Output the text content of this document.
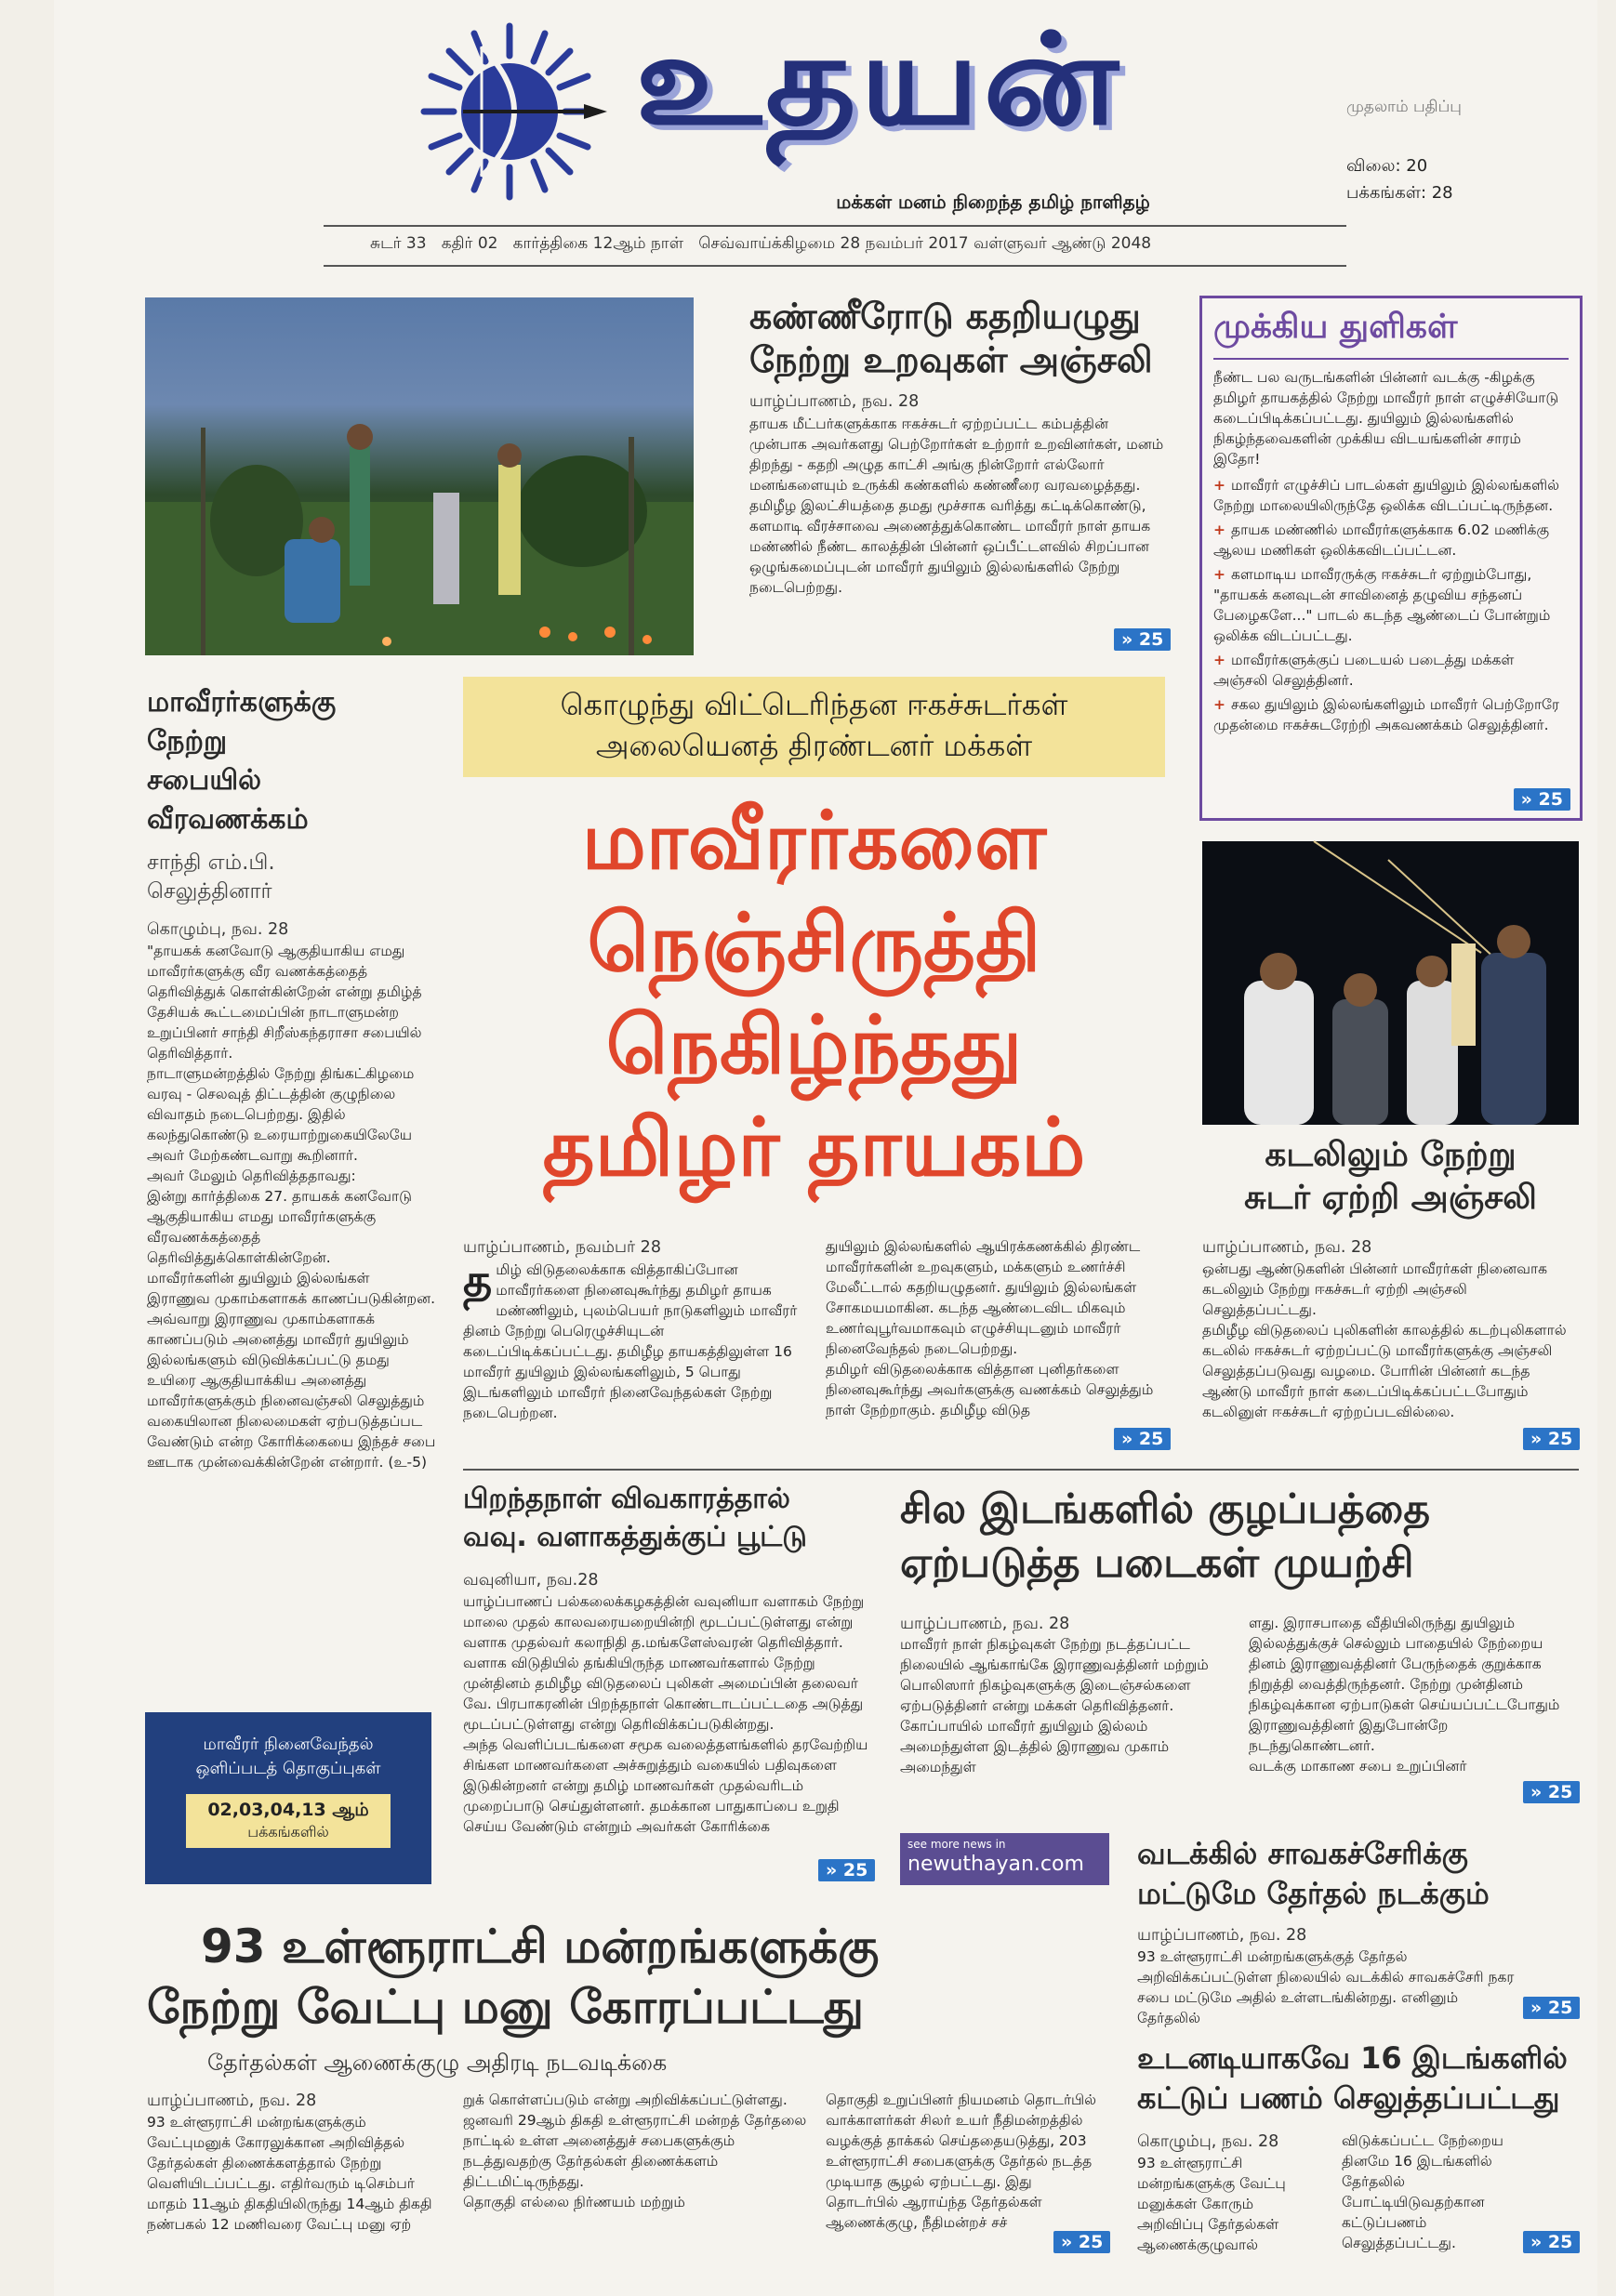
உதயன்
மக்கள் மனம் நிறைந்த தமிழ் நாளிதழ்
முதலாம் பதிப்பு
விலை: 20
பக்கங்கள்: 28
சுடர் 33   கதிர் 02   கார்த்திகை 12ஆம் நாள்   செவ்வாய்க்கிழமை 28 நவம்பர் 2017 வள்ளுவர் ஆண்டு 2048
கண்ணீரோடு கதறியழுது
நேற்று உறவுகள் அஞ்சலி
யாழ்ப்பாணம், நவ. 28
தாயக மீட்பர்களுக்காக ஈகச்சுடர் ஏற்றப்பட்ட கம்பத்தின் முன்பாக அவர்களது பெற்றோர்கள் உற்றார் உறவினர்கள், மனம் திறந்து - கதறி அழுத காட்சி அங்கு நின்றோர் எல்லோர் மனங்களையும் உருக்கி கண்களில் கண்ணீரை வரவழைத்தது.
தமிழீழ இலட்சியத்தை தமது மூச்சாக வரித்து கட்டிக்கொண்டு, களமாடி வீரச்சாவை அணைத்துக்கொண்ட மாவீரர் நாள் தாயக மண்ணில் நீண்ட காலத்தின் பின்னர் ஒப்பீட்டளவில் சிறப்பான ஒழுங்கமைப்புடன் மாவீரர் துயிலும் இல்லங்களில் நேற்று நடைபெற்றது.
» 25
முக்கிய துளிகள்
நீண்ட பல வருடங்களின் பின்னர் வடக்கு -கிழக்கு தமிழர் தாயகத்தில் நேற்று மாவீரர் நாள் எழுச்சியோடு கடைப்பிடிக்கப்பட்டது. துயிலும் இல்லங்களில் நிகழ்ந்தவைகளின் முக்கிய விடயங்களின் சாரம் இதோ!
+ மாவீரர் எழுச்சிப் பாடல்கள் துயிலும் இல்லங்களில் நேற்று மாலையிலிருந்தே ஒலிக்க விடப்பட்டிருந்தன.
+ தாயக மண்ணில் மாவீரர்களுக்காக 6.02 மணிக்கு ஆலய மணிகள் ஒலிக்கவிடப்பட்டன.
+ களமாடிய மாவீரருக்கு ஈகச்சுடர் ஏற்றும்போது, "தாயகக் கனவுடன் சாவினைத் தழுவிய சந்தனப் பேழைகளே..." பாடல் கடந்த ஆண்டைப் போன்றும் ஒலிக்க விடப்பட்டது.
+ மாவீரர்களுக்குப் படையல் படைத்து மக்கள் அஞ்சலி செலுத்தினர்.
+ சகல துயிலும் இல்லங்களிலும் மாவீரர் பெற்றோரே முதன்மை ஈகச்சுடரேற்றி அகவணக்கம் செலுத்தினர்.
» 25
மாவீரர்களுக்கு
நேற்று
சபையில்
வீரவணக்கம்
சாந்தி எம்.பி.
செலுத்தினார்
கொழும்பு, நவ. 28
"தாயகக் கனவோடு ஆகுதியாகிய எமது மாவீரர்களுக்கு வீர வணக்கத்தைத் தெரிவித்துக் கொள்கின்றேன் என்று தமிழ்த் தேசியக் கூட்டமைப்பின் நாடாளுமன்ற உறுப்பினர் சாந்தி சிறீஸ்கந்தராசா சபையில் தெரிவித்தார்.
நாடாளுமன்றத்தில் நேற்று திங்கட்கிழமை வரவு - செலவுத் திட்டத்தின் குழுநிலை விவாதம் நடைபெற்றது. இதில் கலந்துகொண்டு உரையாற்றுகையிலேயே அவர் மேற்கண்டவாறு கூறினார்.
அவர் மேலும் தெரிவித்ததாவது:
இன்று கார்த்திகை 27. தாயகக் கனவோடு ஆகுதியாகிய எமது மாவீரர்களுக்கு வீரவணக்கத்தைத் தெரிவித்துக்கொள்கின்றேன்.
மாவீரர்களின் துயிலும் இல்லங்கள் இராணுவ முகாம்களாகக் காணப்படுகின்றன. அவ்வாறு இராணுவ முகாம்களாகக் காணப்படும் அனைத்து மாவீரர் துயிலும் இல்லங்களும் விடுவிக்கப்பட்டு தமது உயிரை ஆகுதியாக்கிய அனைத்து மாவீரர்களுக்கும் நினைவஞ்சலி செலுத்தும் வகையிலான நிலைமைகள் ஏற்படுத்தப்பட வேண்டும் என்ற கோரிக்கையை இந்தச் சபை ஊடாக முன்வைக்கின்றேன் என்றார். (உ-5)
கொழுந்து விட்டெரிந்தன ஈகச்சுடர்கள்
அலையெனத் திரண்டனர் மக்கள்
மாவீரர்களை
நெஞ்சிருத்தி
நெகிழ்ந்தது
தமிழர் தாயகம்
யாழ்ப்பாணம், நவம்பர் 28
த மிழ் விடுதலைக்காக வித்தாகிப்போன மாவீரர்களை நினைவுகூர்ந்து தமிழர் தாயக மண்ணிலும், புலம்பெயர் நாடுகளிலும் மாவீரர் தினம் நேற்று பெரெழுச்சியுடன் கடைப்பிடிக்கப்பட்டது. தமிழீழ தாயகத்திலுள்ள 16 மாவீரர் துயிலும் இல்லங்களிலும், 5 பொது இடங்களிலும் மாவீரர் நினைவேந்தல்கள் நேற்று நடைபெற்றன.
துயிலும் இல்லங்களில் ஆயிரக்கணக்கில் திரண்ட மாவீரர்களின் உறவுகளும், மக்களும் உணர்ச்சி மேலீட்டால் கதறியழுதனர். துயிலும் இல்லங்கள் சோகமயமாகின. கடந்த ஆண்டைவிட மிகவும் உணர்வுபூர்வமாகவும் எழுச்சியுடனும் மாவீரர் நினைவேந்தல் நடைபெற்றது.
தமிழர் விடுதலைக்காக வித்தான புனிதர்களை நினைவுகூர்ந்து அவர்களுக்கு வணக்கம் செலுத்தும் நாள் நேற்றாகும். தமிழீழ விடுத
» 25
கடலிலும் நேற்று
சுடர் ஏற்றி அஞ்சலி
யாழ்ப்பாணம், நவ. 28
ஒன்பது ஆண்டுகளின் பின்னர் மாவீரர்கள் நினைவாக கடலிலும் நேற்று ஈகச்சுடர் ஏற்றி அஞ்சலி செலுத்தப்பட்டது.
தமிழீழ விடுதலைப் புலிகளின் காலத்தில் கடற்புலிகளால் கடலில் ஈகச்சுடர் ஏற்றப்பட்டு மாவீரர்களுக்கு அஞ்சலி செலுத்தப்படுவது வழமை. போரின் பின்னர் கடந்த ஆண்டு மாவீரர் நாள் கடைப்பிடிக்கப்பட்டபோதும் கடலினுள் ஈகச்சுடர் ஏற்றப்படவில்லை.
» 25
பிறந்தநாள் விவகாரத்தால்
வவு. வளாகத்துக்குப் பூட்டு
வவுனியா, நவ.28
யாழ்ப்பாணப் பல்கலைக்கழகத்தின் வவுனியா வளாகம் நேற்று மாலை முதல் காலவரையறையின்றி மூடப்பட்டுள்ளது என்று வளாக முதல்வர் கலாநிதி த.மங்களேஸ்வரன் தெரிவித்தார்.
வளாக விடுதியில் தங்கியிருந்த மாணவர்களால் நேற்று முன்தினம் தமிழீழ விடுதலைப் புலிகள் அமைப்பின் தலைவர் வே. பிரபாகரனின் பிறந்தநாள் கொண்டாடப்பட்டதை அடுத்து மூடப்பட்டுள்ளது என்று தெரிவிக்கப்படுகின்றது.
அந்த வெளிப்படங்களை சமூக வலைத்தளங்களில் தரவேற்றிய சிங்கள மாணவர்களை அச்சுறுத்தும் வகையில் பதிவுகளை இடுகின்றனர் என்று தமிழ் மாணவர்கள் முதல்வரிடம் முறைப்பாடு செய்துள்ளனர். தமக்கான பாதுகாப்பை உறுதி செய்ய வேண்டும் என்றும் அவர்கள் கோரிக்கை
» 25
சில இடங்களில் குழப்பத்தை
ஏற்படுத்த படைகள் முயற்சி
யாழ்ப்பாணம், நவ. 28
மாவீரர் நாள் நிகழ்வுகள் நேற்று நடத்தப்பட்ட நிலையில் ஆங்காங்கே இராணுவத்தினர் மற்றும் பொலிஸார் நிகழ்வுகளுக்கு இடைஞ்சல்களை ஏற்படுத்தினர் என்று மக்கள் தெரிவித்தனர்.
கோப்பாயில் மாவீரர் துயிலும் இல்லம் அமைந்துள்ள இடத்தில் இராணுவ முகாம் அமைந்துள்
ளது. இராசபாதை வீதியிலிருந்து துயிலும் இல்லத்துக்குச் செல்லும் பாதையில் நேற்றைய தினம் இராணுவத்தினர் பேருந்தைக் குறுக்காக நிறுத்தி வைத்திருந்தனர். நேற்று முன்தினம் நிகழ்வுக்கான ஏற்பாடுகள் செய்யப்பட்டபோதும் இராணுவத்தினர் இதுபோன்றே நடந்துகொண்டனர்.
வடக்கு மாகாண சபை உறுப்பினர்
» 25
மாவீரர் நினைவேந்தல்
ஒளிப்படத் தொகுப்புகள்
02,03,04,13 ஆம்
பக்கங்களில்
see more news in
newuthayan.com	வடக்கில் சாவகச்சேரிக்கு
மட்டுமே தேர்தல் நடக்கும்
யாழ்ப்பாணம், நவ. 28
93 உள்ளூராட்சி மன்றங்களுக்குத் தேர்தல் அறிவிக்கப்பட்டுள்ள நிலையில் வடக்கில் சாவகச்சேரி நகர சபை மட்டுமே அதில் உள்ளடங்கின்றது. எனினும் தேர்தலில்	» 25
93 உள்ளூராட்சி மன்றங்களுக்கு
நேற்று வேட்பு மனு கோரப்பட்டது
தேர்தல்கள் ஆணைக்குழு அதிரடி நடவடிக்கை
யாழ்ப்பாணம், நவ. 28
93 உள்ளூராட்சி மன்றங்களுக்கும் வேட்புமனுக் கோரலுக்கான அறிவித்தல் தேர்தல்கள் திணைக்களத்தால் நேற்று வெளியிடப்பட்டது. எதிர்வரும் டிசெம்பர் மாதம் 11ஆம் திகதியிலிருந்து 14ஆம் திகதி நண்பகல் 12 மணிவரை வேட்பு மனு ஏற்
றுக் கொள்ளப்படும் என்று அறிவிக்கப்பட்டுள்ளது.
ஜனவரி 29ஆம் திகதி உள்ளூராட்சி மன்றத் தேர்தலை நாட்டில் உள்ள அனைத்துச் சபைகளுக்கும் நடத்துவதற்கு தேர்தல்கள் திணைக்களம் திட்டமிட்டிருந்தது.
தொகுதி எல்லை நிர்ணயம் மற்றும்
தொகுதி உறுப்பினர் நியமனம் தொடர்பில் வாக்காளர்கள் சிலர் உயர் நீதிமன்றத்தில் வழக்குத் தாக்கல் செய்ததையடுத்து, 203 உள்ளூராட்சி சபைகளுக்கு தேர்தல் நடத்த முடியாத சூழல் ஏற்பட்டது. இது தொடர்பில் ஆராய்ந்த தேர்தல்கள் ஆணைக்குழு, நீதிமன்றச் சச்
» 25
உடனடியாகவே 16 இடங்களில்
கட்டுப் பணம் செலுத்தப்பட்டது
கொழும்பு, நவ. 28
93 உள்ளூராட்சி மன்றங்களுக்கு வேட்பு மனுக்கள் கோரும் அறிவிப்பு தேர்தல்கள் ஆணைக்குழுவால்
விடுக்கப்பட்ட நேற்றைய தினமே 16 இடங்களில் தேர்தலில் போட்டியிடுவதற்கான கட்டுப்பணம் செலுத்தப்பட்டது.	» 25
